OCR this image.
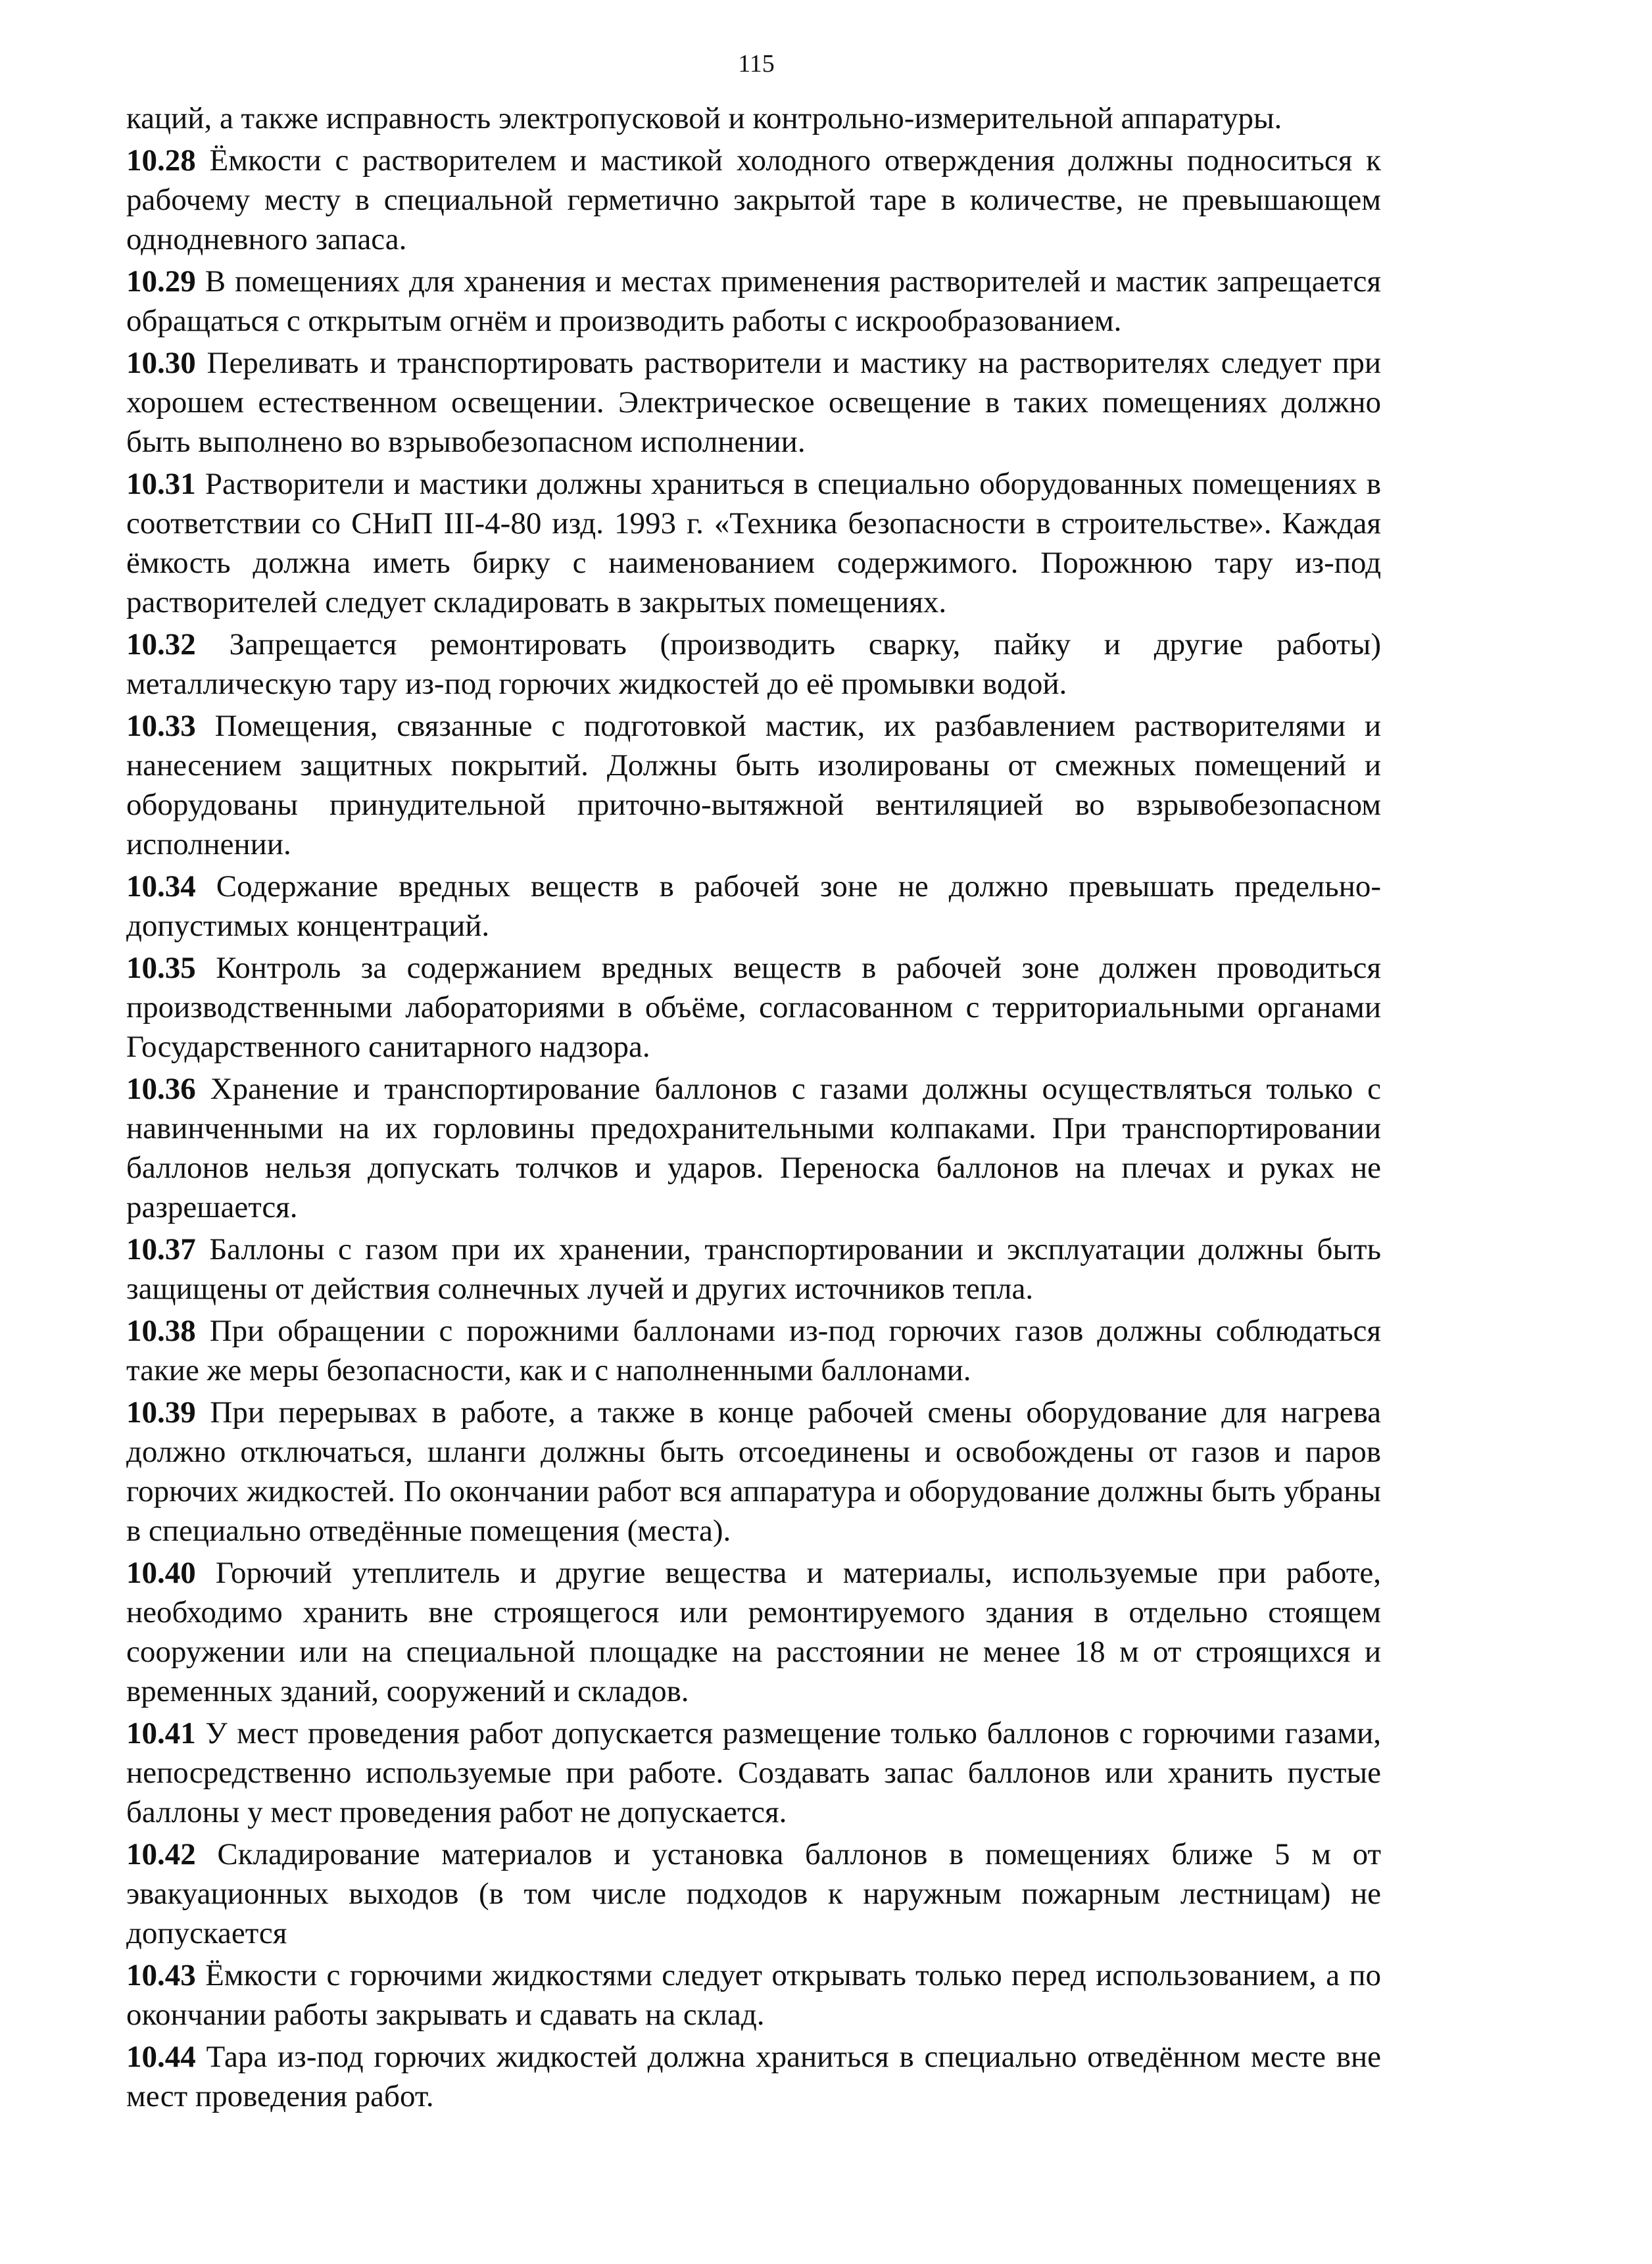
115

каций, а также исправность электропусковой и контрольно-измерительной аппаратуры.

10.28 Ёмкости с растворителем и мастикой холодного отверждения должны подноситься к рабочему месту в специальной герметично закрытой таре в количестве, не превышающем однодневного запаса.

10.29 В помещениях для хранения и местах применения растворителей и мастик запрещается обращаться с открытым огнём и производить работы с искрообразованием.

10.30 Переливать и транспортировать растворители и мастику на растворителях следует при хорошем естественном освещении. Электрическое освещение в таких помещениях должно быть выполнено во взрывобезопасном исполнении.

10.31 Растворители и мастики должны храниться в специально оборудованных помещениях в соответствии со СНиП III-4-80 изд. 1993 г. «Техника безопасности в строительстве». Каждая ёмкость должна иметь бирку с наименованием содержимого. Порожнюю тару из-под растворителей следует складировать в закрытых помещениях.

10.32 Запрещается ремонтировать (производить сварку, пайку и другие работы) металлическую тару из-под горючих жидкостей до её промывки водой.

10.33 Помещения, связанные с подготовкой мастик, их разбавлением растворителями и нанесением защитных покрытий. Должны быть изолированы от смежных помещений и оборудованы принудительной приточно-вытяжной вентиляцией во взрывобезопасном исполнении.

10.34 Содержание вредных веществ в рабочей зоне не должно превышать предельно-допустимых концентраций.

10.35 Контроль за содержанием вредных веществ в рабочей зоне должен проводиться производственными лабораториями в объёме, согласованном с территориальными органами Государственного санитарного надзора.

10.36 Хранение и транспортирование баллонов с газами должны осуществляться только с навинченными на их горловины предохранительными колпаками. При транспортировании баллонов нельзя допускать толчков и ударов. Переноска баллонов на плечах и руках не разрешается.

10.37 Баллоны с газом при их хранении, транспортировании и эксплуатации должны быть защищены от действия солнечных лучей и других источников тепла.

10.38 При обращении с порожними баллонами из-под горючих газов должны соблюдаться такие же меры безопасности, как и с наполненными баллонами.

10.39 При перерывах в работе, а также в конце рабочей смены оборудование для нагрева должно отключаться, шланги должны быть отсоединены и освобождены от газов и паров горючих жидкостей. По окончании работ вся аппаратура и оборудование должны быть убраны в специально отведённые помещения (места).

10.40 Горючий утеплитель и другие вещества и материалы, используемые при работе, необходимо хранить вне строящегося или ремонтируемого здания в отдельно стоящем сооружении или на специальной площадке на расстоянии не менее 18 м от строящихся и временных зданий, сооружений и складов.

10.41 У мест проведения работ допускается размещение только баллонов с горючими газами, непосредственно используемые при работе. Создавать запас баллонов или хранить пустые баллоны у мест проведения работ не допускается.

10.42 Складирование материалов и установка баллонов в помещениях ближе 5 м от эвакуационных выходов (в том числе подходов к наружным пожарным лестницам) не допускается

10.43 Ёмкости с горючими жидкостями следует открывать только перед использованием, а по окончании работы закрывать и сдавать на склад.

10.44 Тара из-под горючих жидкостей должна храниться в специально отведённом месте вне мест проведения работ.
